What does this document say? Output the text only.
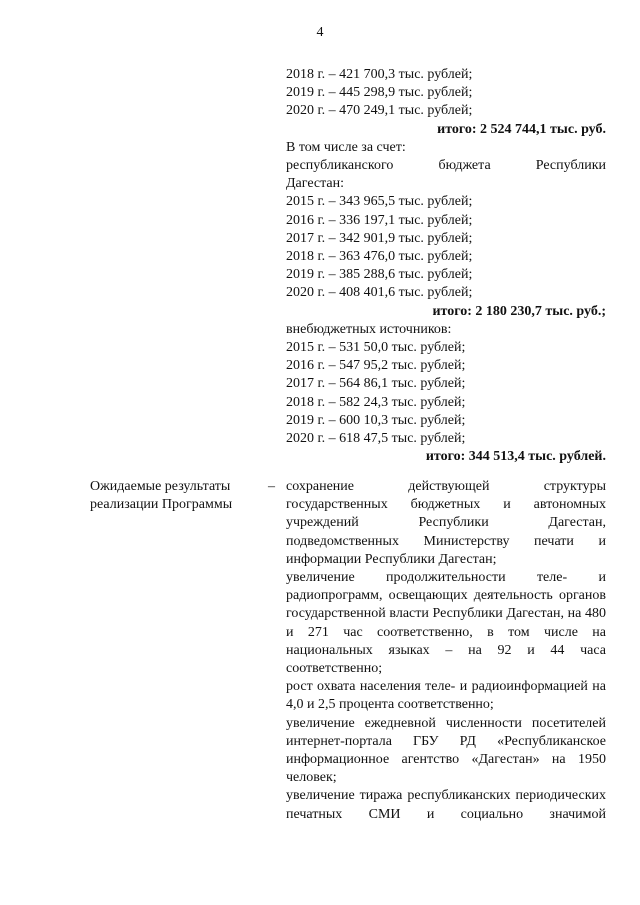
4
2018 г. – 421 700,3 тыс. рублей;
2019 г. – 445 298,9 тыс. рублей;
2020 г. – 470 249,1 тыс. рублей;
итого: 2 524 744,1 тыс. руб.
В том числе за счет:
республиканского	бюджета	Республики
Дагестан:
2015 г. – 343 965,5 тыс. рублей;
2016 г. – 336 197,1 тыс. рублей;
2017 г. – 342 901,9 тыс. рублей;
2018 г. – 363 476,0 тыс. рублей;
2019 г. – 385 288,6 тыс. рублей;
2020 г. – 408 401,6 тыс. рублей;
итого: 2 180 230,7 тыс. руб.;
внебюджетных источников:
2015 г. – 531 50,0 тыс. рублей;
2016 г. – 547 95,2 тыс. рублей;
2017 г. – 564 86,1 тыс. рублей;
2018 г. – 582 24,3 тыс. рублей;
2019 г. – 600 10,3 тыс. рублей;
2020 г. – 618 47,5 тыс. рублей;
итого: 344 513,4 тыс. рублей.
Ожидаемые результаты реализации Программы
– сохранение действующей структуры государственных бюджетных и автономных учреждений Республики Дагестан, подведомственных Министерству печати и информации Республики Дагестан;

увеличение продолжительности теле- и радиопрограмм, освещающих деятельность органов государственной власти Республики Дагестан, на 480 и 271 час соответственно, в том числе на национальных языках – на 92 и 44 часа соответственно;

рост охвата населения теле- и радиоинформацией на 4,0 и 2,5 процента соответственно;

увеличение ежедневной численности посетителей интернет-портала ГБУ РД «Республиканское информационное агентство «Дагестан» на 1950 человек;

увеличение тиража республиканских периодических печатных СМИ и социально значимой
